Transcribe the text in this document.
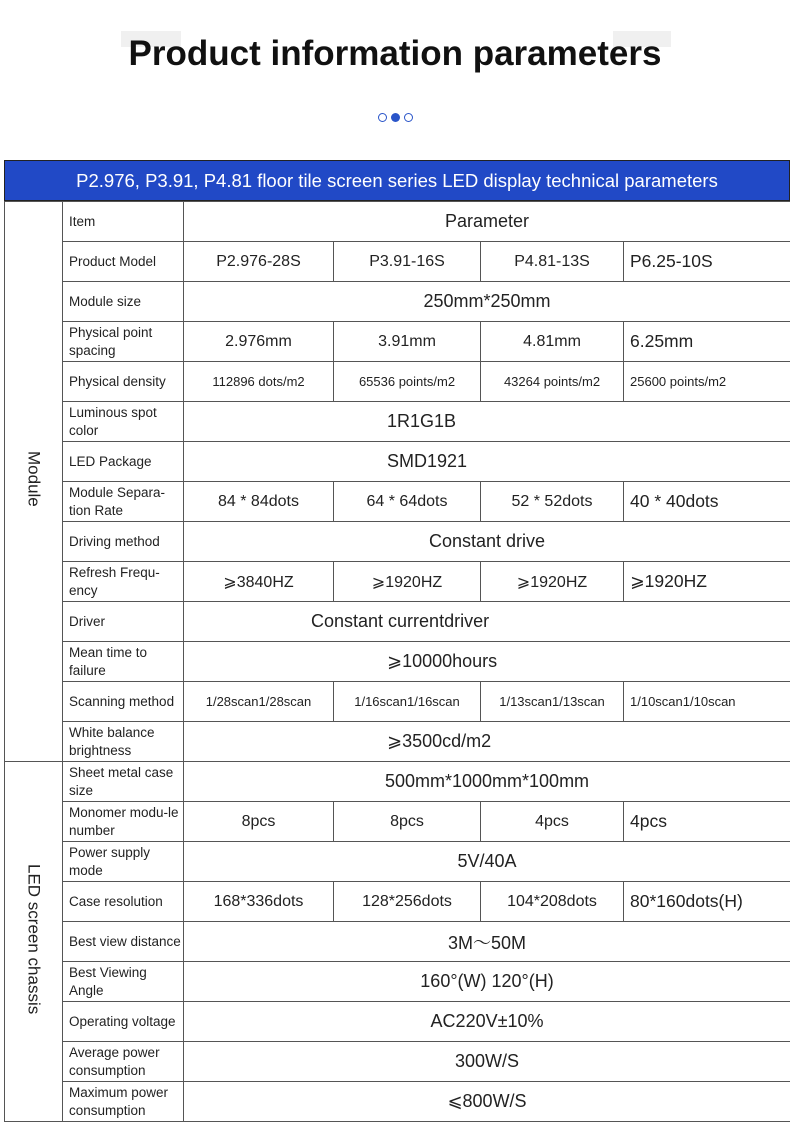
Product information parameters
P2.976, P3.91, P4.81 floor tile screen series LED display technical parameters
Module	Item	Parameter			
	Product Model	P2.976-28S	P3.91-16S	P4.81-13S	P6.25-10S
	Module size	250mm*250mm			
	Physical point spacing	2.976mm	3.91mm	4.81mm	6.25mm
	Physical density	112896 dots/m2	65536 points/m2	43264 points/m2	25600 points/m2
	Luminous spot color	1R1G1B			
	LED Package	SMD1921			
	Module Separa-tion Rate	84 * 84dots	64 * 64dots	52 * 52dots	40 * 40dots
	Driving method	Constant drive			
	Refresh Frequ-ency	⩾3840HZ	⩾1920HZ	⩾1920HZ	⩾1920HZ
	Driver	Constant currentdriver			
	Mean time to failure	⩾10000hours			
	Scanning method	1/28scan1/28scan	1/16scan1/16scan	1/13scan1/13scan	1/10scan1/10scan
	White balance brightness	⩾3500cd/m2			
LED screen chassis	Sheet metal case size	500mm*1000mm*100mm			
	Monomer modu-le number	8pcs	8pcs	4pcs	4pcs
	Power supply mode	5V/40A			
	Case resolution	168*336dots	128*256dots	104*208dots	80*160dots(H)
	Best view distance	3M～50M			
	Best Viewing Angle	160°(W) 120°(H)			
	Operating voltage	AC220V±10%			
	Average power consumption	300W/S			
	Maximum power consumption	⩽800W/S			
